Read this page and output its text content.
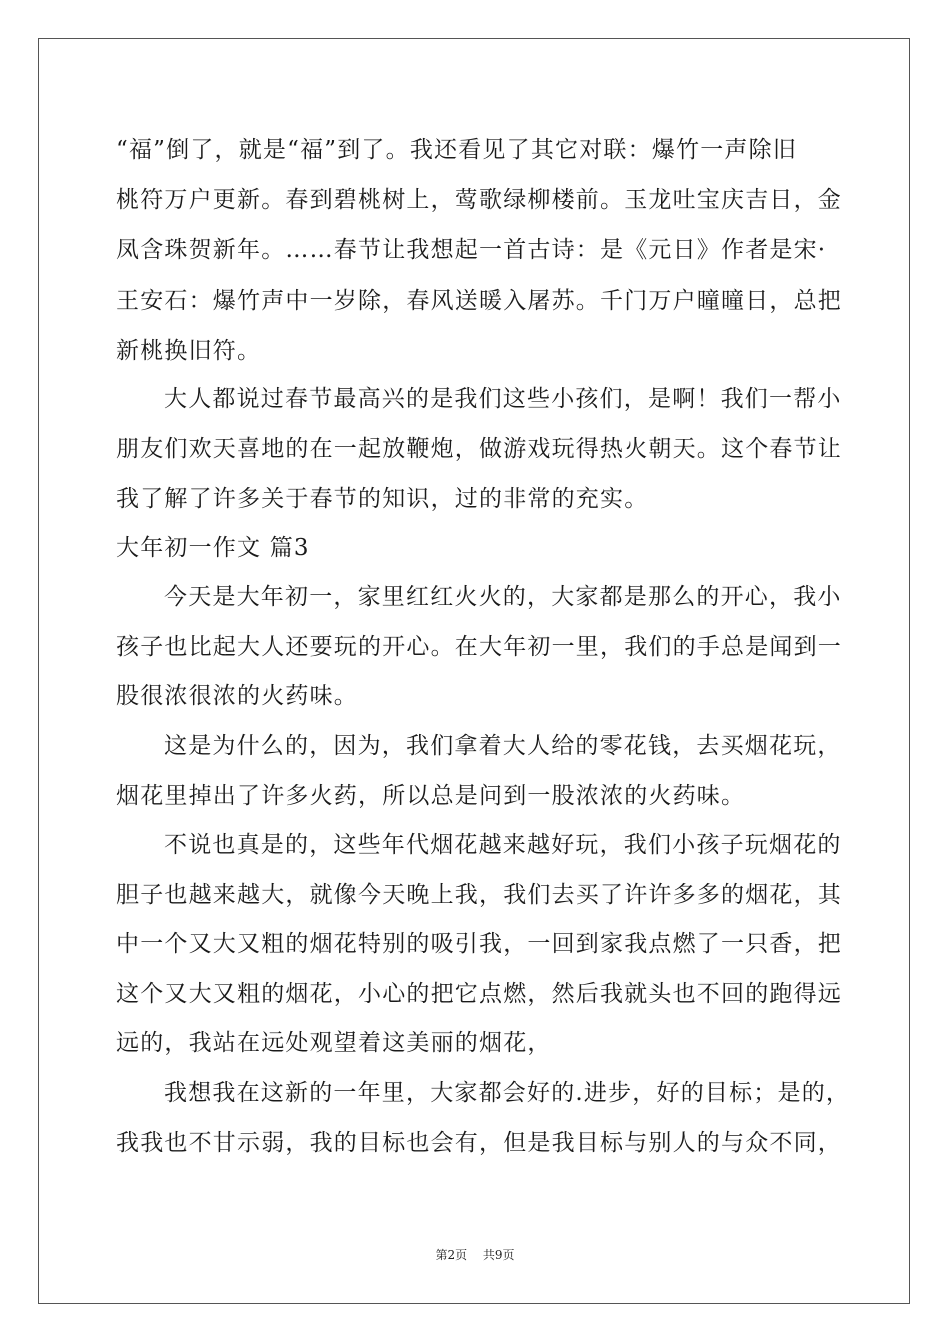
“福”倒了，就是“福”到了。我还看见了其它对联：爆竹一声除旧
桃符万户更新。春到碧桃树上，莺歌绿柳楼前。玉龙吐宝庆吉日，金
凤含珠贺新年。……春节让我想起一首古诗：是《元日》作者是宋·
王安石：爆竹声中一岁除，春风送暖入屠苏。千门万户曈曈日，总把
新桃换旧符。
大人都说过春节最高兴的是我们这些小孩们，是啊！我们一帮小
朋友们欢天喜地的在一起放鞭炮，做游戏玩得热火朝天。这个春节让
我了解了许多关于春节的知识，过的非常的充实。
大年初一作文 篇3
今天是大年初一，家里红红火火的，大家都是那么的开心，我小
孩子也比起大人还要玩的开心。在大年初一里，我们的手总是闻到一
股很浓很浓的火药味。
这是为什么的，因为，我们拿着大人给的零花钱，去买烟花玩，
烟花里掉出了许多火药，所以总是问到一股浓浓的火药味。
不说也真是的，这些年代烟花越来越好玩，我们小孩子玩烟花的
胆子也越来越大，就像今天晚上我，我们去买了许许多多的烟花，其
中一个又大又粗的烟花特别的吸引我，一回到家我点燃了一只香，把
这个又大又粗的烟花，小心的把它点燃，然后我就头也不回的跑得远
远的，我站在远处观望着这美丽的烟花，
我想我在这新的一年里，大家都会好的.进步，好的目标；是的，
我我也不甘示弱，我的目标也会有，但是我目标与别人的与众不同，
第2页 共9页
